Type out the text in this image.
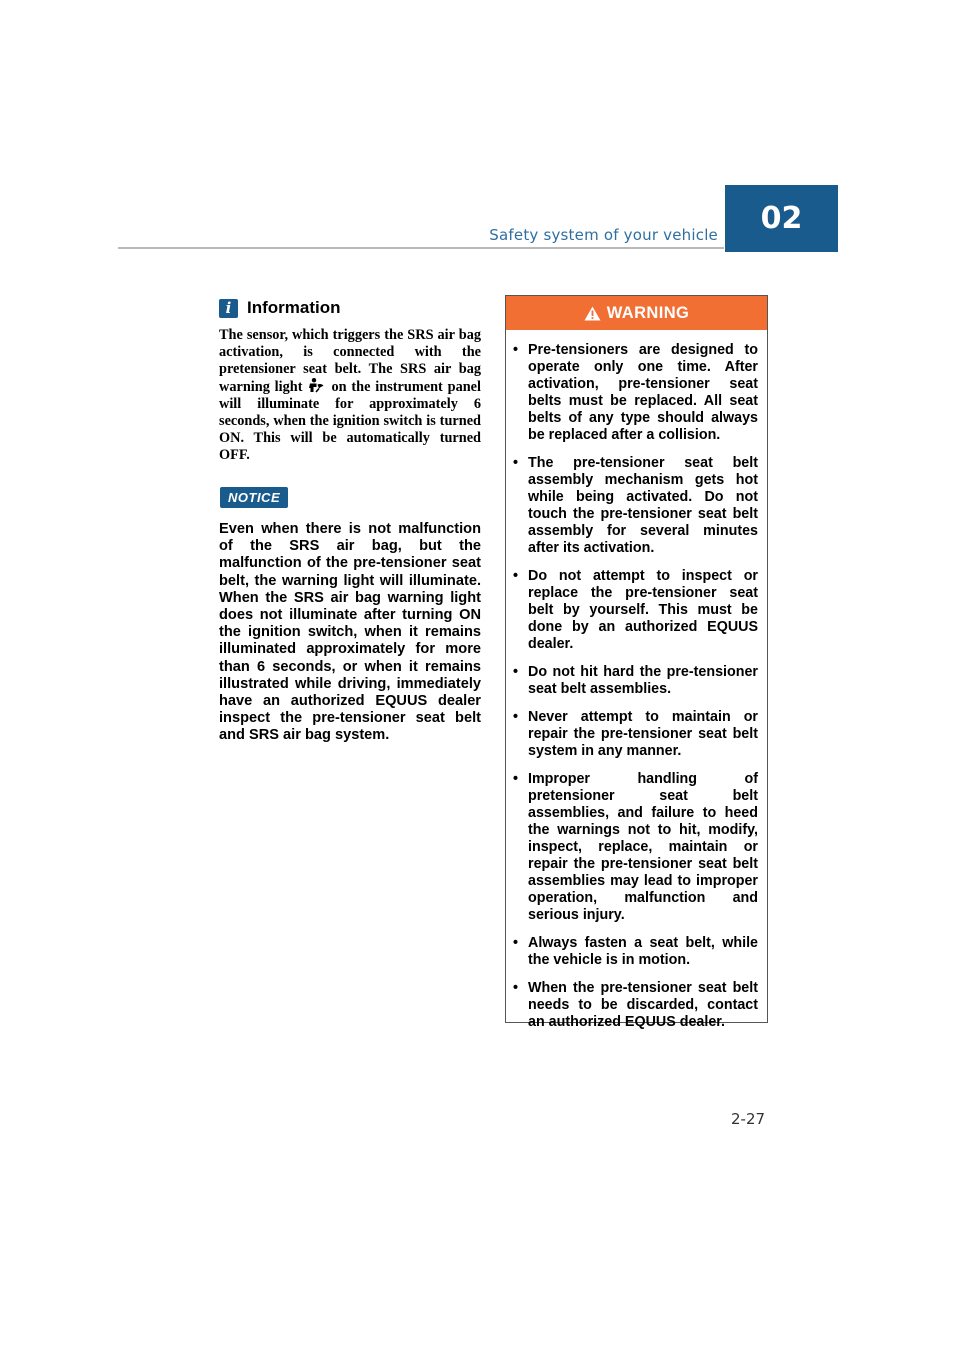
Safety system of your vehicle 02
i Information

The sensor, which triggers the SRS air bag activation, is connected with the pretensioner seat belt. The SRS air bag warning light on the instrument panel will illuminate for approximately 6 seconds, when the ignition switch is turned ON. This will be automatically turned OFF.

NOTICE

Even when there is not malfunction of the SRS air bag, but the malfunction of the pre-tensioner seat belt, the warning light will illuminate. When the SRS air bag warning light does not illuminate after turning ON the ignition switch, when it remains illuminated approximately for more than 6 seconds, or when it remains illustrated while driving, immediately have an authorized EQUUS dealer inspect the pre-tensioner seat belt and SRS air bag system.

WARNING
• Pre-tensioners are designed to operate only one time. After activation, pre-tensioner seat belts must be replaced. All seat belts of any type should always be replaced after a collision.
• The pre-tensioner seat belt assembly mechanism gets hot while being activated. Do not touch the pre-tensioner seat belt assembly for several minutes after its activation.
• Do not attempt to inspect or replace the pre-tensioner seat belt by yourself. This must be done by an authorized EQUUS dealer.
• Do not hit hard the pre-tensioner seat belt assemblies.
• Never attempt to maintain or repair the pre-tensioner seat belt system in any manner.
• Improper handling of pretensioner seat belt assemblies, and failure to heed the warnings not to hit, modify, inspect, replace, maintain or repair the pre-tensioner seat belt assemblies may lead to improper operation, malfunction and serious injury.
• Always fasten a seat belt, while the vehicle is in motion.
• When the pre-tensioner seat belt needs to be discarded, contact an authorized EQUUS dealer.
2-27
